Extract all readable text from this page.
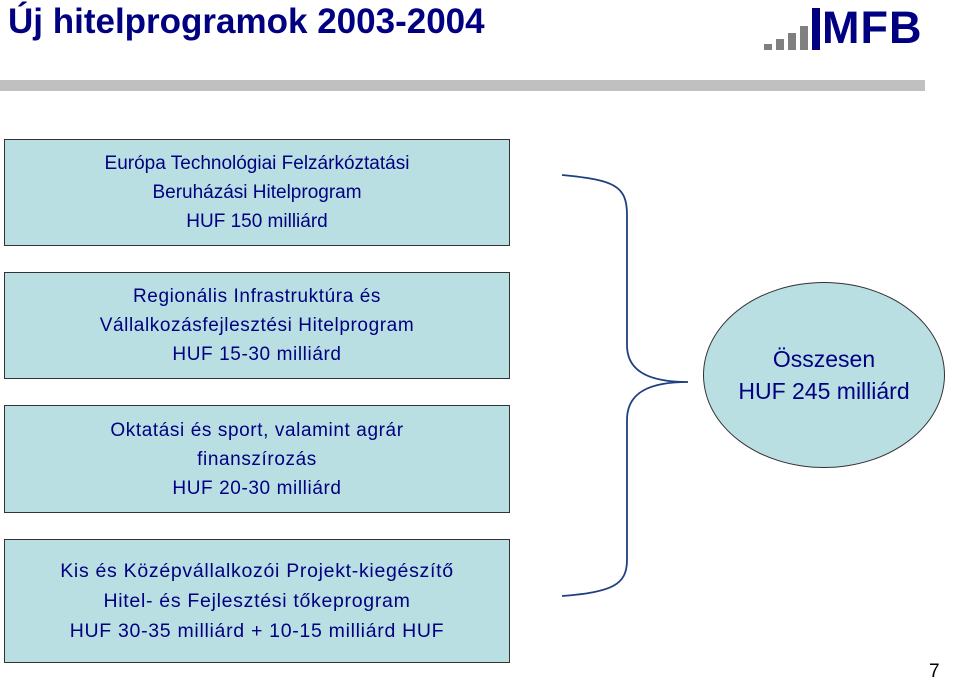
Új hitelprogramok 2003-2004	MFB
Európa Technológiai Felzárkóztatási
Beruházási Hitelprogram
HUF 150 milliárd
Regionális Infrastruktúra és
Vállalkozásfejlesztési Hitelprogram
HUF 15-30 milliárd
Oktatási és sport, valamint agrár
finanszírozás
HUF 20-30 milliárd
Kis és Középvállalkozói Projekt-kiegészítő
Hitel- és Fejlesztési tőkeprogram
HUF 30-35 milliárd + 10-15 milliárd HUF
Összesen
HUF 245 milliárd
7
